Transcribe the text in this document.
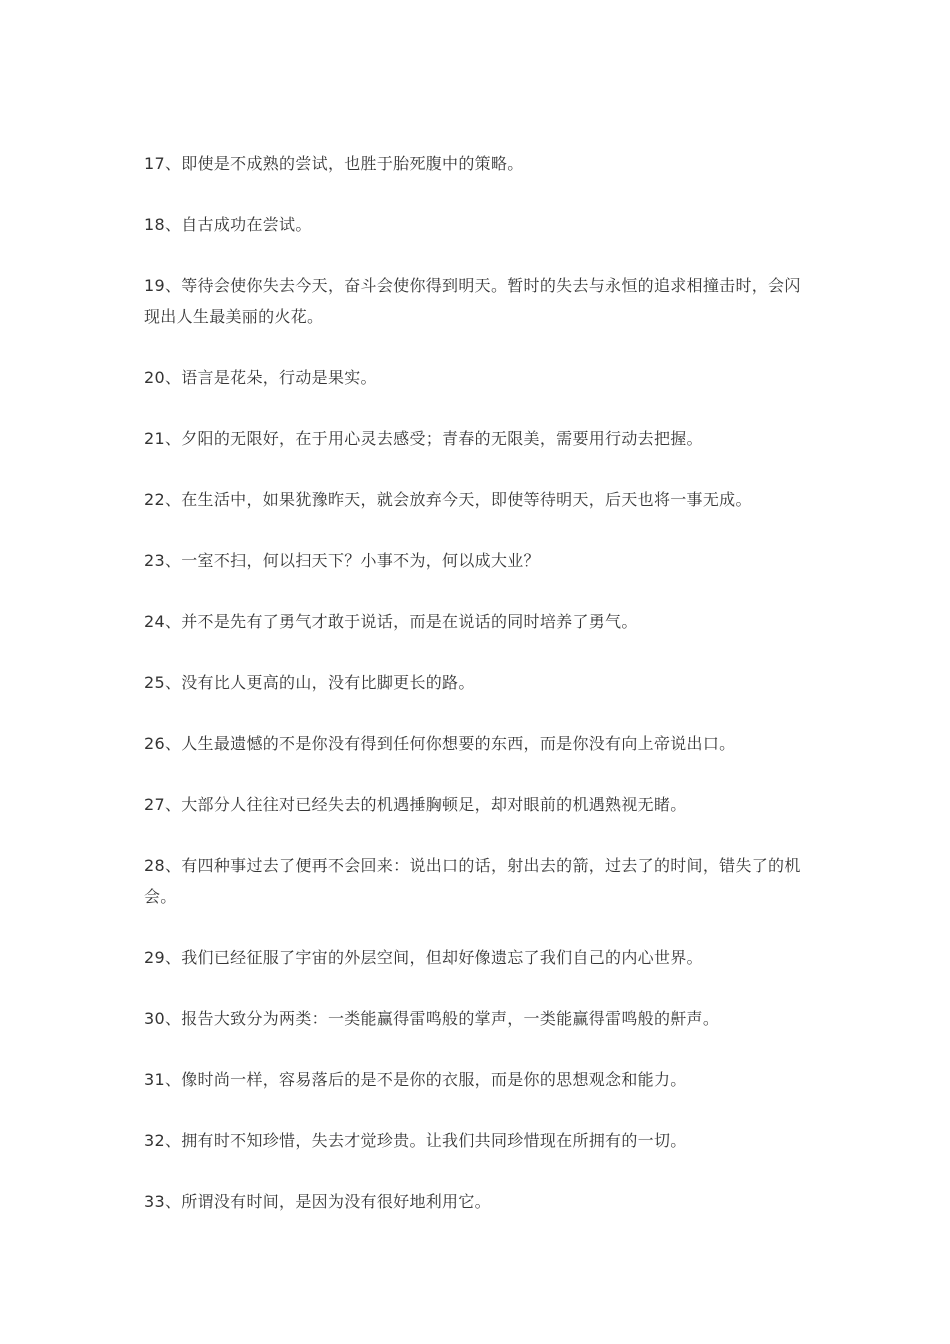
17、即使是不成熟的尝试，也胜于胎死腹中的策略。

18、自古成功在尝试。

19、等待会使你失去今天，奋斗会使你得到明天。暂时的失去与永恒的追求相撞击时，会闪现出人生最美丽的火花。

20、语言是花朵，行动是果实。

21、夕阳的无限好，在于用心灵去感受；青春的无限美，需要用行动去把握。

22、在生活中，如果犹豫昨天，就会放弃今天，即使等待明天，后天也将一事无成。

23、一室不扫，何以扫天下？小事不为，何以成大业？

24、并不是先有了勇气才敢于说话，而是在说话的同时培养了勇气。

25、没有比人更高的山，没有比脚更长的路。

26、人生最遗憾的不是你没有得到任何你想要的东西，而是你没有向上帝说出口。

27、大部分人往往对已经失去的机遇捶胸顿足，却对眼前的机遇熟视无睹。

28、有四种事过去了便再不会回来：说出口的话，射出去的箭，过去了的时间，错失了的机会。

29、我们已经征服了宇宙的外层空间，但却好像遗忘了我们自己的内心世界。

30、报告大致分为两类：一类能赢得雷鸣般的掌声，一类能赢得雷鸣般的鼾声。

31、像时尚一样，容易落后的是不是你的衣服，而是你的思想观念和能力。

32、拥有时不知珍惜，失去才觉珍贵。让我们共同珍惜现在所拥有的一切。

33、所谓没有时间，是因为没有很好地利用它。
